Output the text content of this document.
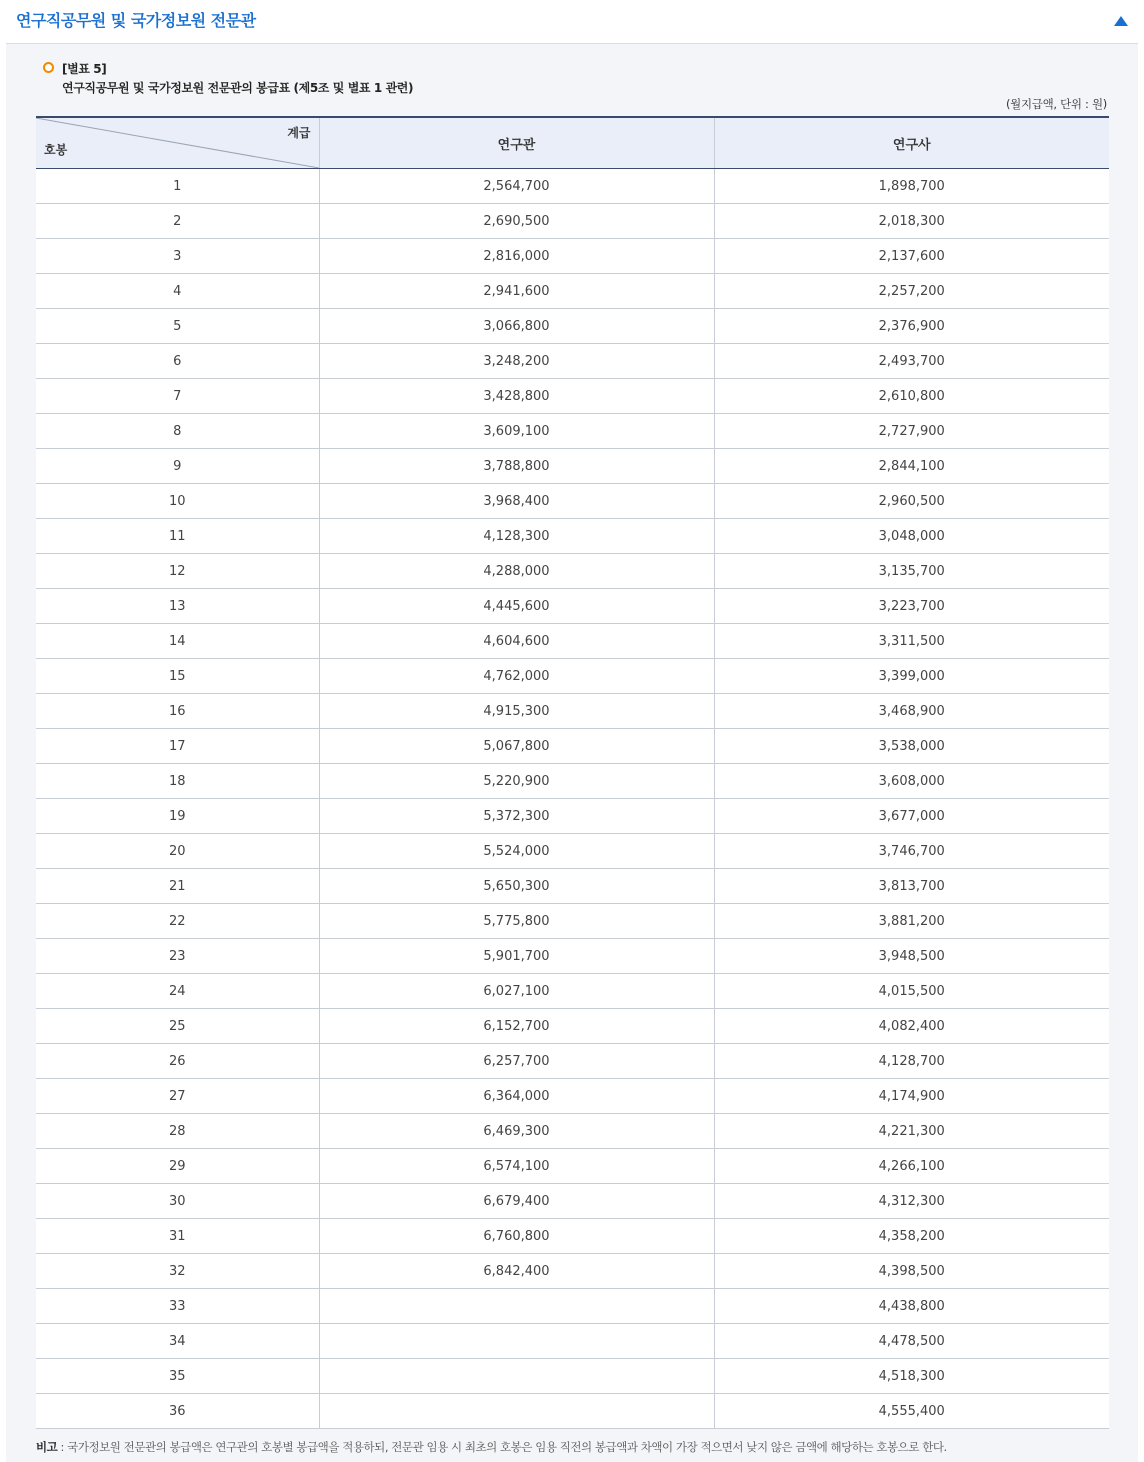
연구직공무원 및 국가정보원 전문관
[별표 5]
연구직공무원 및 국가정보원 전문관의 봉급표 (제5조 및 별표 1 관련)
(월지급액, 단위 : 원)
계급
호봉	연구관	연구사
1	2,564,700	1,898,700
2	2,690,500	2,018,300
3	2,816,000	2,137,600
4	2,941,600	2,257,200
5	3,066,800	2,376,900
6	3,248,200	2,493,700
7	3,428,800	2,610,800
8	3,609,100	2,727,900
9	3,788,800	2,844,100
10	3,968,400	2,960,500
11	4,128,300	3,048,000
12	4,288,000	3,135,700
13	4,445,600	3,223,700
14	4,604,600	3,311,500
15	4,762,000	3,399,000
16	4,915,300	3,468,900
17	5,067,800	3,538,000
18	5,220,900	3,608,000
19	5,372,300	3,677,000
20	5,524,000	3,746,700
21	5,650,300	3,813,700
22	5,775,800	3,881,200
23	5,901,700	3,948,500
24	6,027,100	4,015,500
25	6,152,700	4,082,400
26	6,257,700	4,128,700
27	6,364,000	4,174,900
28	6,469,300	4,221,300
29	6,574,100	4,266,100
30	6,679,400	4,312,300
31	6,760,800	4,358,200
32	6,842,400	4,398,500
33		4,438,800
34		4,478,500
35		4,518,300
36		4,555,400
비고 : 국가정보원 전문관의 봉급액은 연구관의 호봉별 봉급액을 적용하되, 전문관 임용 시 최초의 호봉은 임용 직전의 봉급액과 차액이 가장 적으면서 낮지 않은 금액에 해당하는 호봉으로 한다.
